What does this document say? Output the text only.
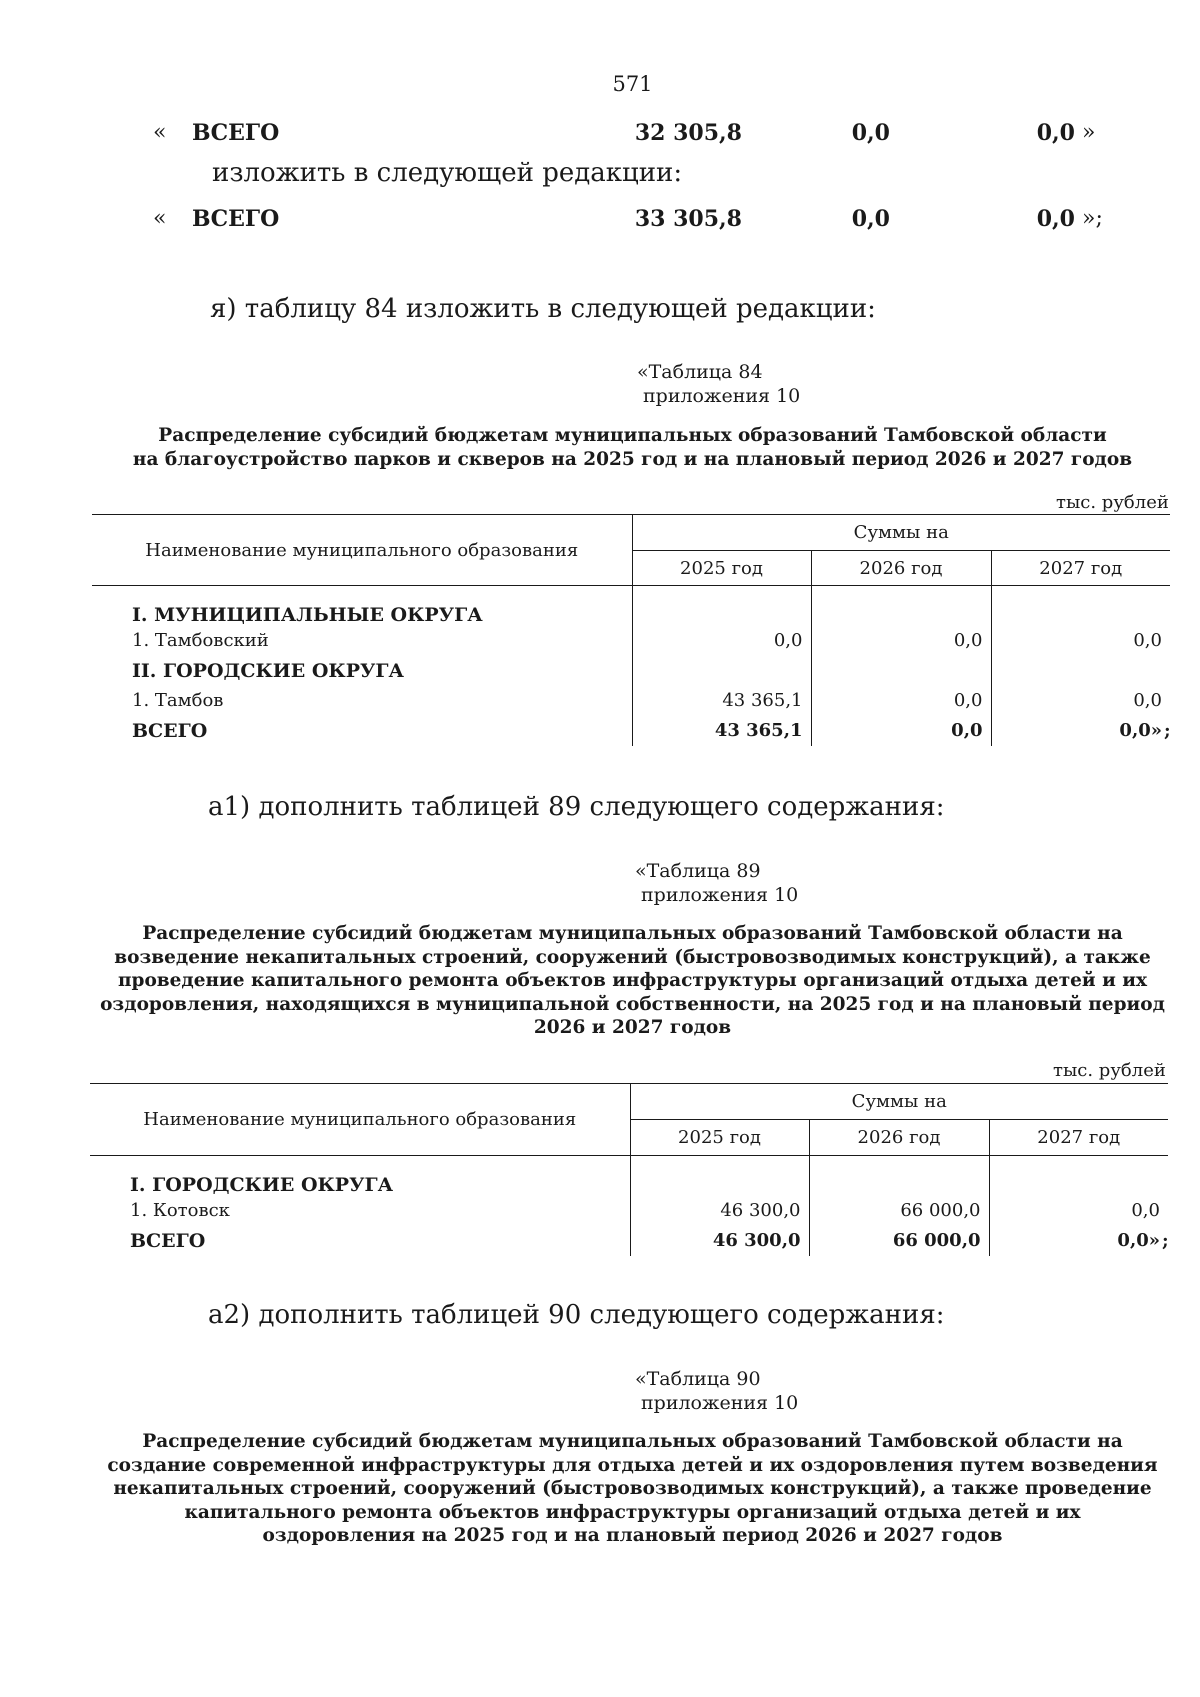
571
« ВСЕГО	32 305,8	0,0	0,0 »
изложить в следующей редакции:
« ВСЕГО	33 305,8	0,0	0,0 »;
я) таблицу 84 изложить в следующей редакции:
«Таблица 84
приложения 10

Распределение субсидий бюджетам муниципальных образований Тамбовской области

на благоустройство парков и скверов на 2025 год и на плановый период 2026 и 2027 годов

тыс. рублей
Наименование муниципального образования	Суммы на		
	2025 год	2026 год	2027 год
I. МУНИЦИПАЛЬНЫЕ ОКРУГА			
1. Тамбовский	0,0	0,0	0,0
II. ГОРОДСКИЕ ОКРУГА			
1. Тамбов	43 365,1	0,0	0,0
ВСЕГО	43 365,1	0,0	0,0» ;
а1) дополнить таблицей 89 следующего содержания:
«Таблица 89
приложения 10

Распределение субсидий бюджетам муниципальных образований Тамбовской области на

возведение некапитальных строений, сооружений (быстровозводимых конструкций), а также

проведение капитального ремонта объектов инфраструктуры организаций отдыха детей и их

оздоровления, находящихся в муниципальной собственности, на 2025 год и на плановый период

2026 и 2027 годов

тыс. рублей
Наименование муниципального образования	Суммы на		
	2025 год	2026 год	2027 год
I. ГОРОДСКИЕ ОКРУГА			
1. Котовск	46 300,0	66 000,0	0,0
ВСЕГО	46 300,0	66 000,0	0,0» ;
а2) дополнить таблицей 90 следующего содержания:
«Таблица 90
приложения 10

Распределение субсидий бюджетам муниципальных образований Тамбовской области на

создание современной инфраструктуры для отдыха детей и их оздоровления путем возведения

некапитальных строений, сооружений (быстровозводимых конструкций), а также проведение

капитального ремонта объектов инфраструктуры организаций отдыха детей и их

оздоровления на 2025 год и на плановый период 2026 и 2027 годов
